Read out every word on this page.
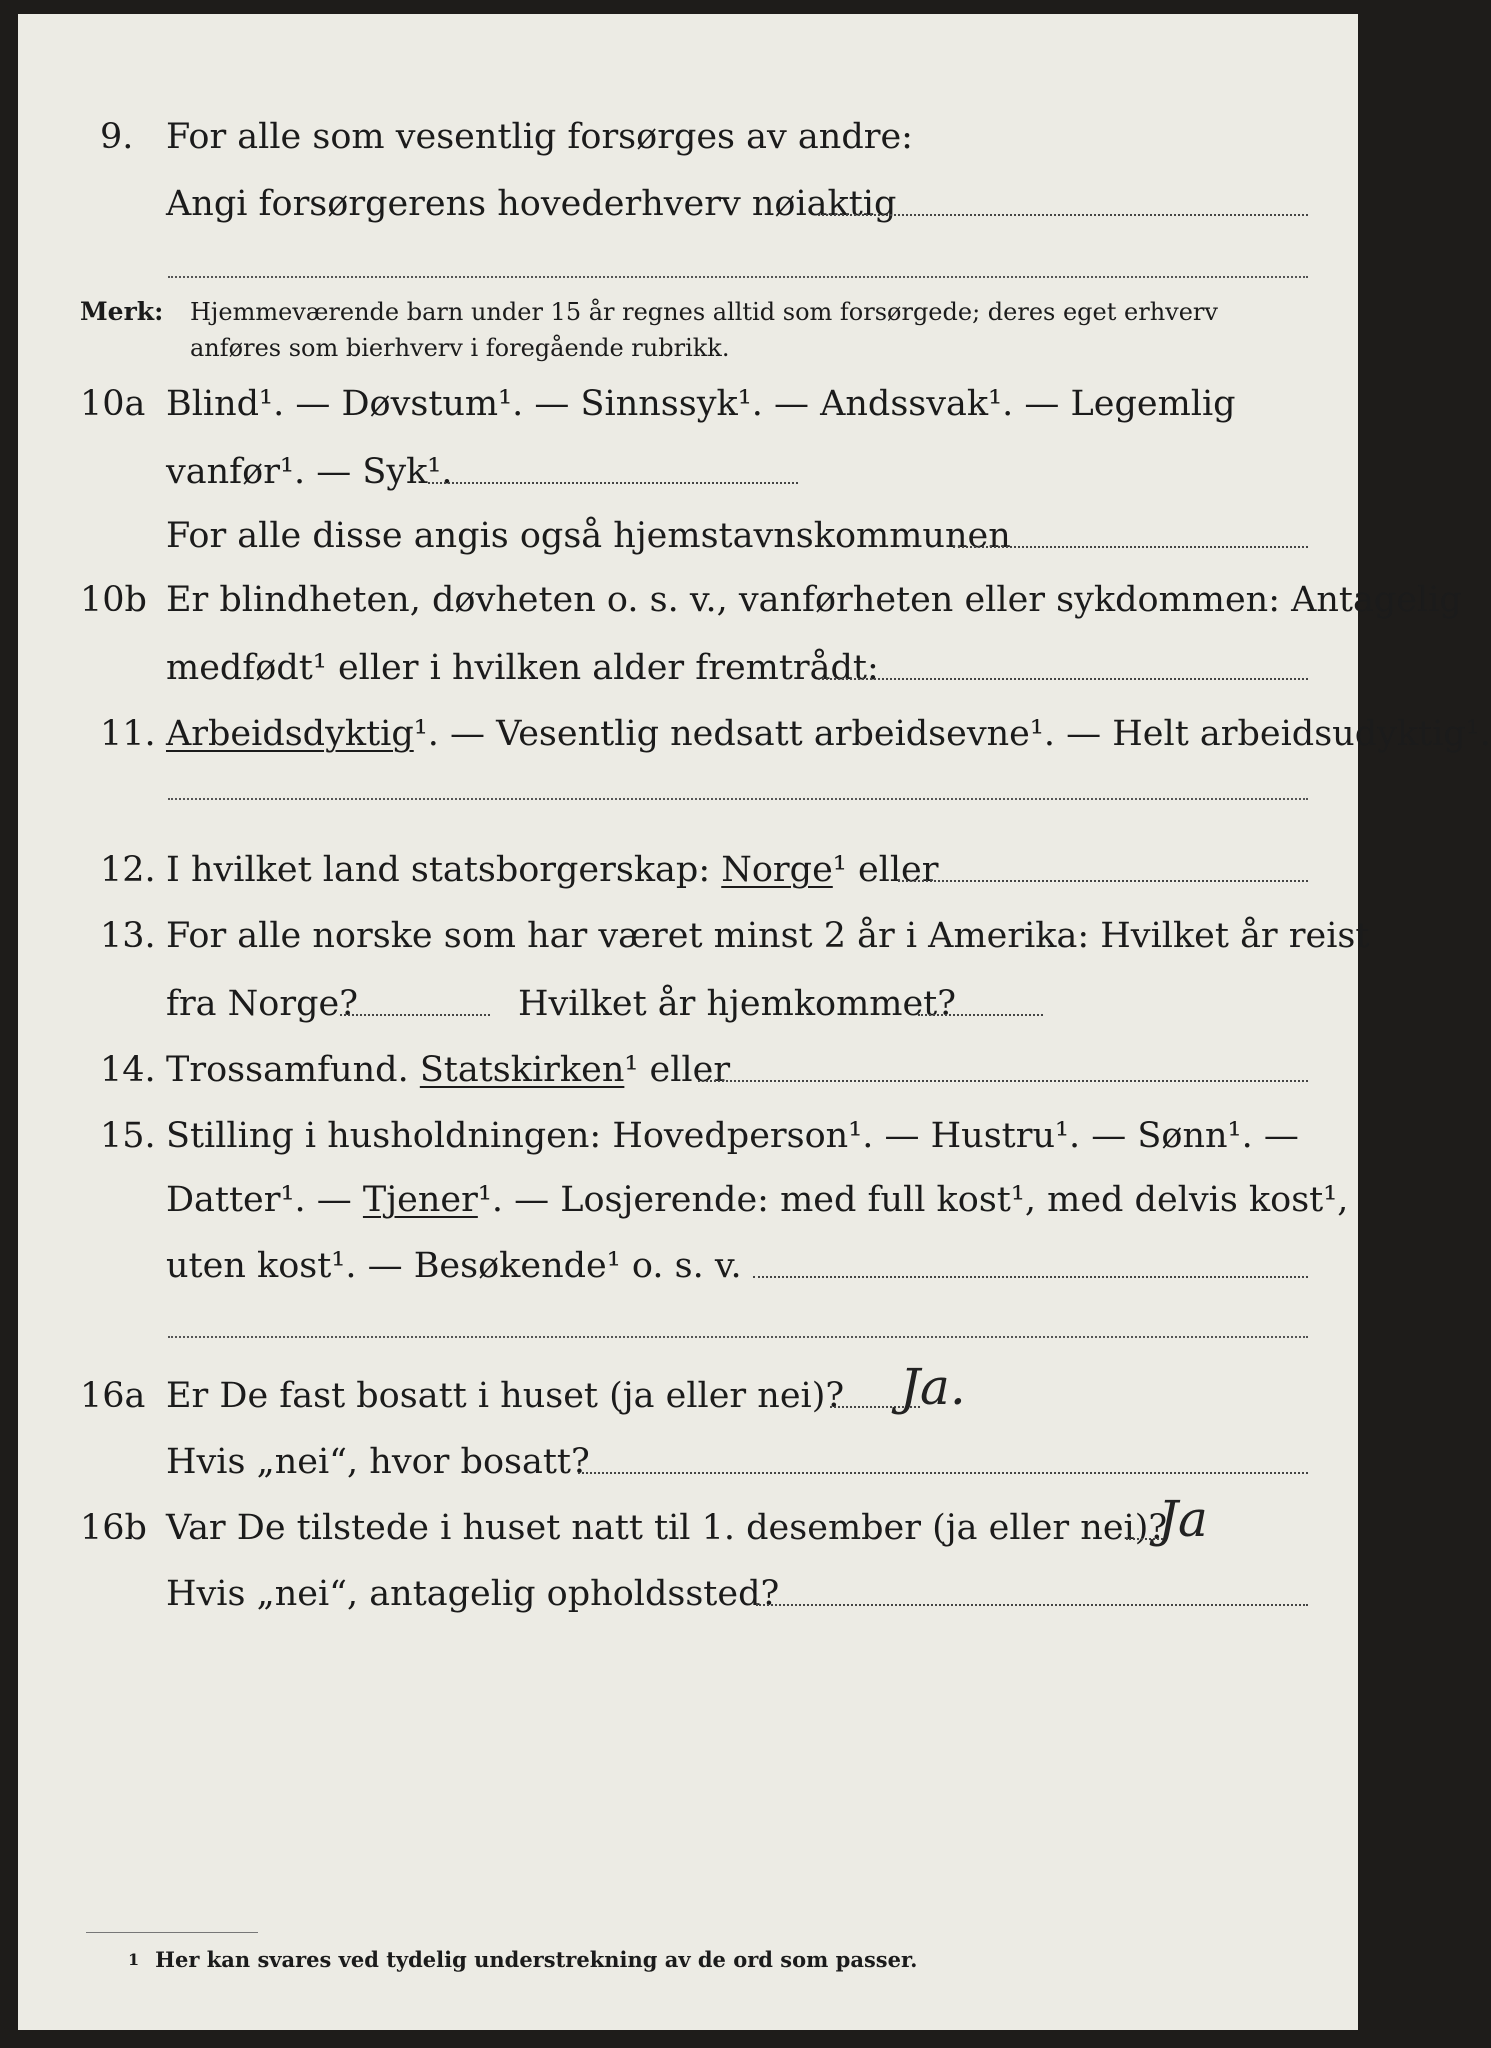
9. For alle som vesentlig forsørges av andre:
Angi forsørgerens hovederhverv nøiaktig
Merk: Hjemmeværende barn under 15 år regnes alltid som forsørgede; deres eget erhverv
anføres som bierhverv i foregående rubrikk.
10a Blind¹. — Døvstum¹. — Sinnssyk¹. — Andssvak¹. — Legemlig
vanfør¹. — Syk¹.
For alle disse angis også hjemstavnskommunen
10b Er blindheten, døvheten o. s. v., vanførheten eller sykdommen: Antagelig
medfødt¹ eller i hvilken alder fremtrådt:
11. Arbeidsdyktig¹. — Vesentlig nedsatt arbeidsevne¹. — Helt arbeidsudyktig¹.
12. I hvilket land statsborgerskap: Norge¹ eller
13. For alle norske som har været minst 2 år i Amerika: Hvilket år reist
fra Norge?	Hvilket år hjemkommet?
14. Trossamfund. Statskirken¹ eller
15. Stilling i husholdningen: Hovedperson¹. — Hustru¹. — Sønn¹. —
Datter¹. — Tjener¹. — Losjerende: med full kost¹, med delvis kost¹,
uten kost¹. — Besøkende¹ o. s. v.
16a Er De fast bosatt i huset (ja eller nei)? Ja.
Hvis „nei“, hvor bosatt?
16b Var De tilstede i huset natt til 1. desember (ja eller nei)?
Ja
Hvis „nei“, antagelig opholdssted?
$^1$ Her kan svares ved tydelig understrekning av de ord som passer.
